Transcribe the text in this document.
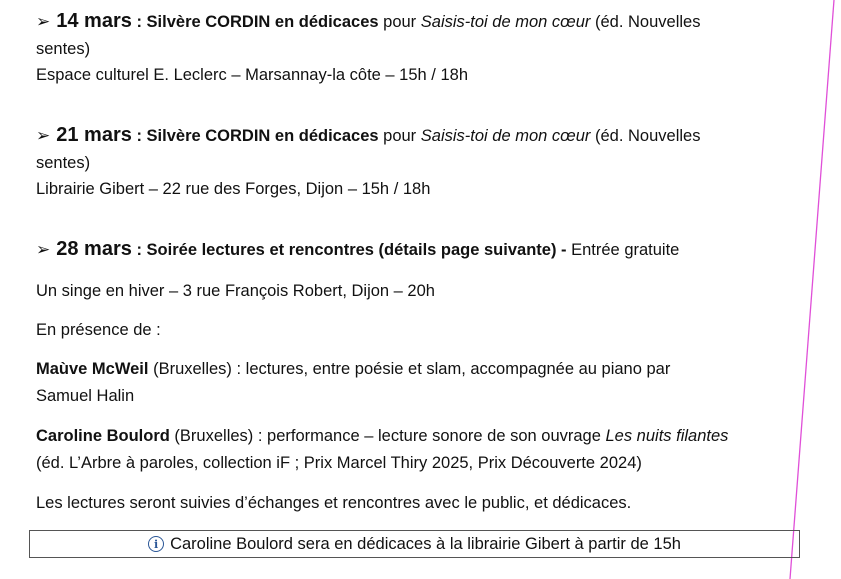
➢ 14 mars : Silvère CORDIN en dédicaces pour Saisis-toi de mon cœur (éd. Nouvelles
sentes)
Espace culturel E. Leclerc – Marsannay-la côte – 15h / 18h
➢ 21 mars : Silvère CORDIN en dédicaces pour Saisis-toi de mon cœur (éd. Nouvelles
sentes)
Librairie Gibert – 22 rue des Forges, Dijon – 15h / 18h
➢ 28 mars : Soirée lectures et rencontres (détails page suivante) - Entrée gratuite
Un singe en hiver – 3 rue François Robert, Dijon – 20h
En présence de :
Maùve McWeil (Bruxelles) : lectures, entre poésie et slam, accompagnée au piano par
Samuel Halin
Caroline Boulord (Bruxelles) : performance – lecture sonore de son ouvrage Les nuits filantes
(éd. L’Arbre à paroles, collection iF ; Prix Marcel Thiry 2025, Prix Découverte 2024)
Les lectures seront suivies d’échanges et rencontres avec le public, et dédicaces.
i Caroline Boulord sera en dédicaces à la librairie Gibert à partir de 15h
